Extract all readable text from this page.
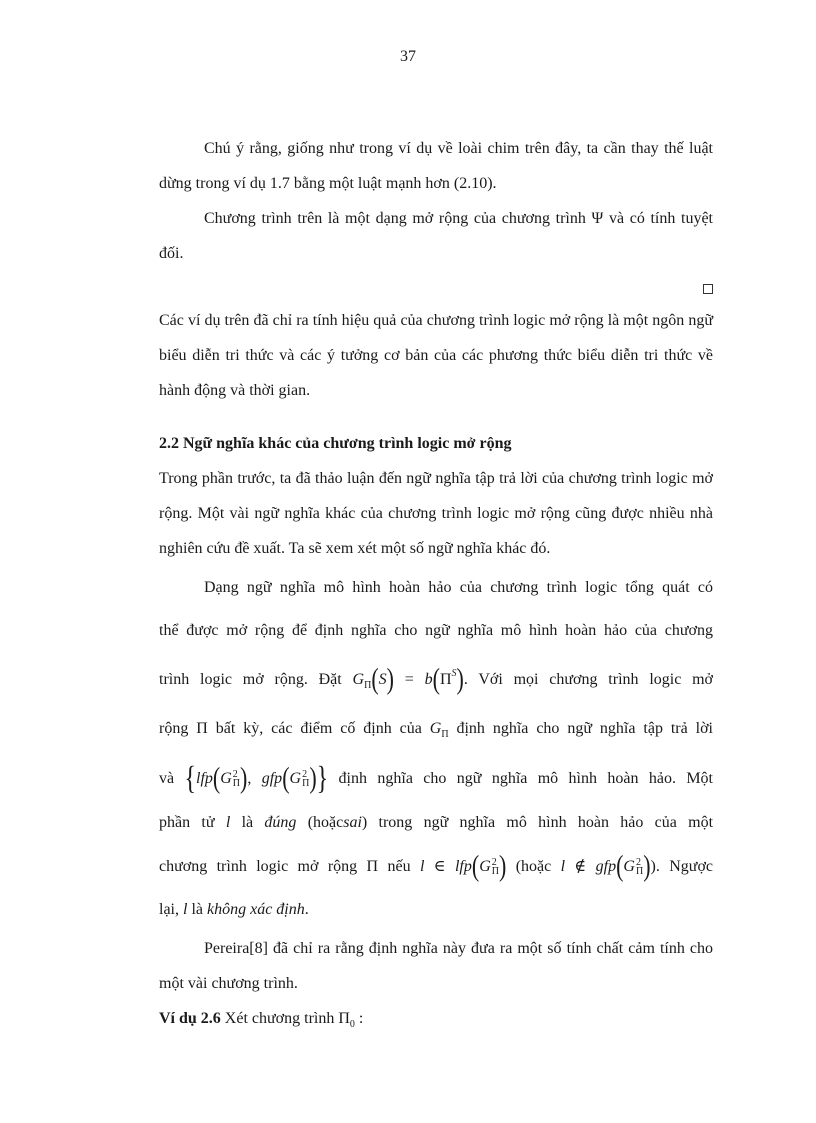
37

Chú ý rằng, giống như trong ví dụ về loài chim trên đây, ta cần thay thế luật dừng trong ví dụ 1.7 bằng một luật mạnh hơn (2.10).

Chương trình trên là một dạng mở rộng của chương trình Ψ và có tính tuyệt đối.

Các ví dụ trên đã chỉ ra tính hiệu quả của chương trình logic mở rộng là một ngôn ngữ biểu diễn tri thức và các ý tưởng cơ bản của các phương thức biểu diễn tri thức về hành động và thời gian.

2.2 Ngữ nghĩa khác của chương trình logic mở rộng

Trong phần trước, ta đã thảo luận đến ngữ nghĩa tập trả lời của chương trình logic mở rộng. Một vài ngữ nghĩa khác của chương trình logic mở rộng cũng được nhiều nhà nghiên cứu đề xuất. Ta sẽ xem xét một số ngữ nghĩa khác đó.

Dạng ngữ nghĩa mô hình hoàn hảo của chương trình logic tổng quát có

thể được mở rộng để định nghĩa cho ngữ nghĩa mô hình hoàn hảo của chương

trình logic mở rộng. Đặt $G_\Pi(S) = b(\Pi^S)$. Với mọi chương trình logic mở

rộng Π bất kỳ, các điểm cố định của $G_\Pi$ định nghĩa cho ngữ nghĩa tập trả lời

và {lfp(G 2
Π ), gfp(G 2
Π )} định nghĩa cho ngữ nghĩa mô hình hoàn hảo. Một

phần tử l là đúng (hoặcsai) trong ngữ nghĩa mô hình hoàn hảo của một

chương trình logic mở rộng Π nếu l ∈ lfp(G 2
Π ) (hoặc l ∉ gfp(G 2
Π )). Ngược

lại, l là không xác định.

Pereira[8] đã chỉ ra rằng định nghĩa này đưa ra một số tính chất cảm tính cho một vài chương trình.

Ví dụ 2.6 Xét chương trình $\Pi_0$ :
